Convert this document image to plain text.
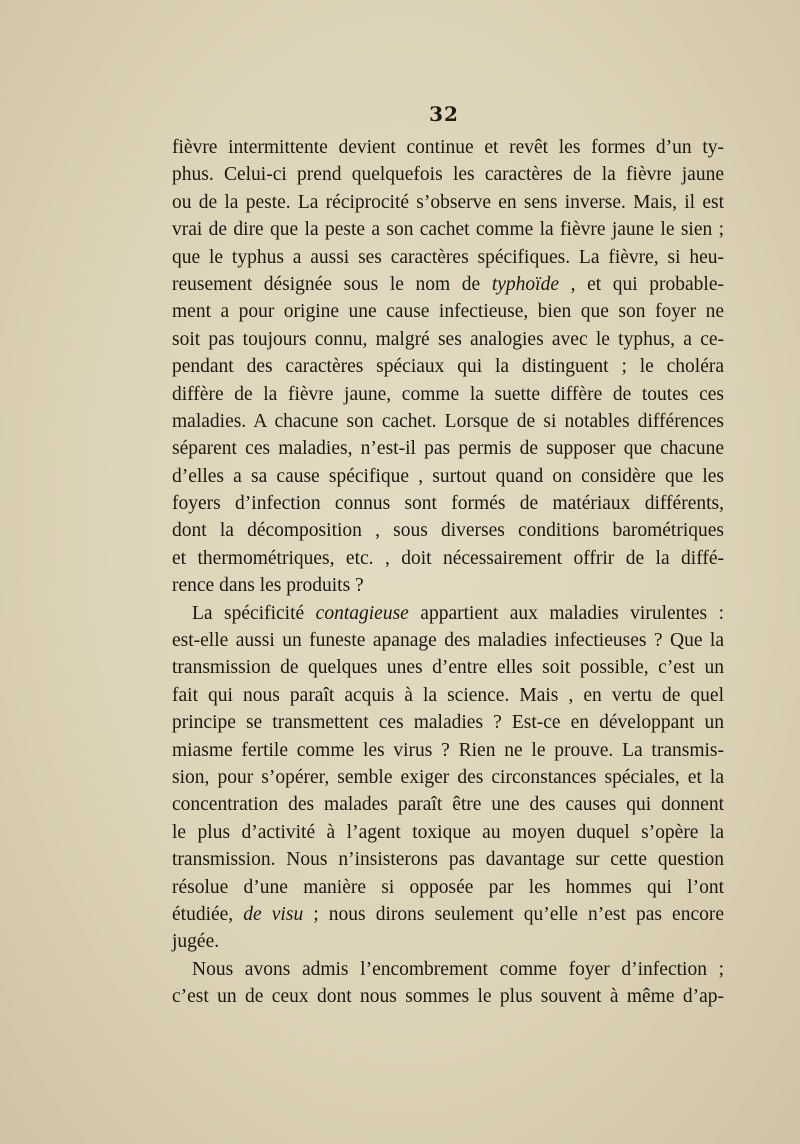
32
fièvre intermittente devient continue et revêt les formes d’un ty-
phus. Celui-ci prend quelquefois les caractères de la fièvre jaune
ou de la peste. La réciprocité s’observe en sens inverse. Mais, il est
vrai de dire que la peste a son cachet comme la fièvre jaune le sien ;
que le typhus a aussi ses caractères spécifiques. La fièvre, si heu-
reusement désignée sous le nom de typhoïde , et qui probable-
ment a pour origine une cause infectieuse, bien que son foyer ne
soit pas toujours connu, malgré ses analogies avec le typhus, a ce-
pendant des caractères spéciaux qui la distinguent ; le choléra
diffère de la fièvre jaune, comme la suette diffère de toutes ces
maladies. A chacune son cachet. Lorsque de si notables différences
séparent ces maladies, n’est-il pas permis de supposer que chacune
d’elles a sa cause spécifique , surtout quand on considère que les
foyers d’infection connus sont formés de matériaux différents,
dont la décomposition , sous diverses conditions barométriques
et thermométriques, etc. , doit nécessairement offrir de la diffé-
rence dans les produits ?
La spécificité contagieuse appartient aux maladies virulentes :
est-elle aussi un funeste apanage des maladies infectieuses ? Que la
transmission de quelques unes d’entre elles soit possible, c’est un
fait qui nous paraît acquis à la science. Mais , en vertu de quel
principe se transmettent ces maladies ? Est-ce en développant un
miasme fertile comme les virus ? Rien ne le prouve. La transmis-
sion, pour s’opérer, semble exiger des circonstances spéciales, et la
concentration des malades paraît être une des causes qui donnent
le plus d’activité à l’agent toxique au moyen duquel s’opère la
transmission. Nous n’insisterons pas davantage sur cette question
résolue d’une manière si opposée par les hommes qui l’ont
étudiée, de visu ; nous dirons seulement qu’elle n’est pas encore
jugée.
Nous avons admis l’encombrement comme foyer d’infection ;
c’est un de ceux dont nous sommes le plus souvent à même d’ap-
